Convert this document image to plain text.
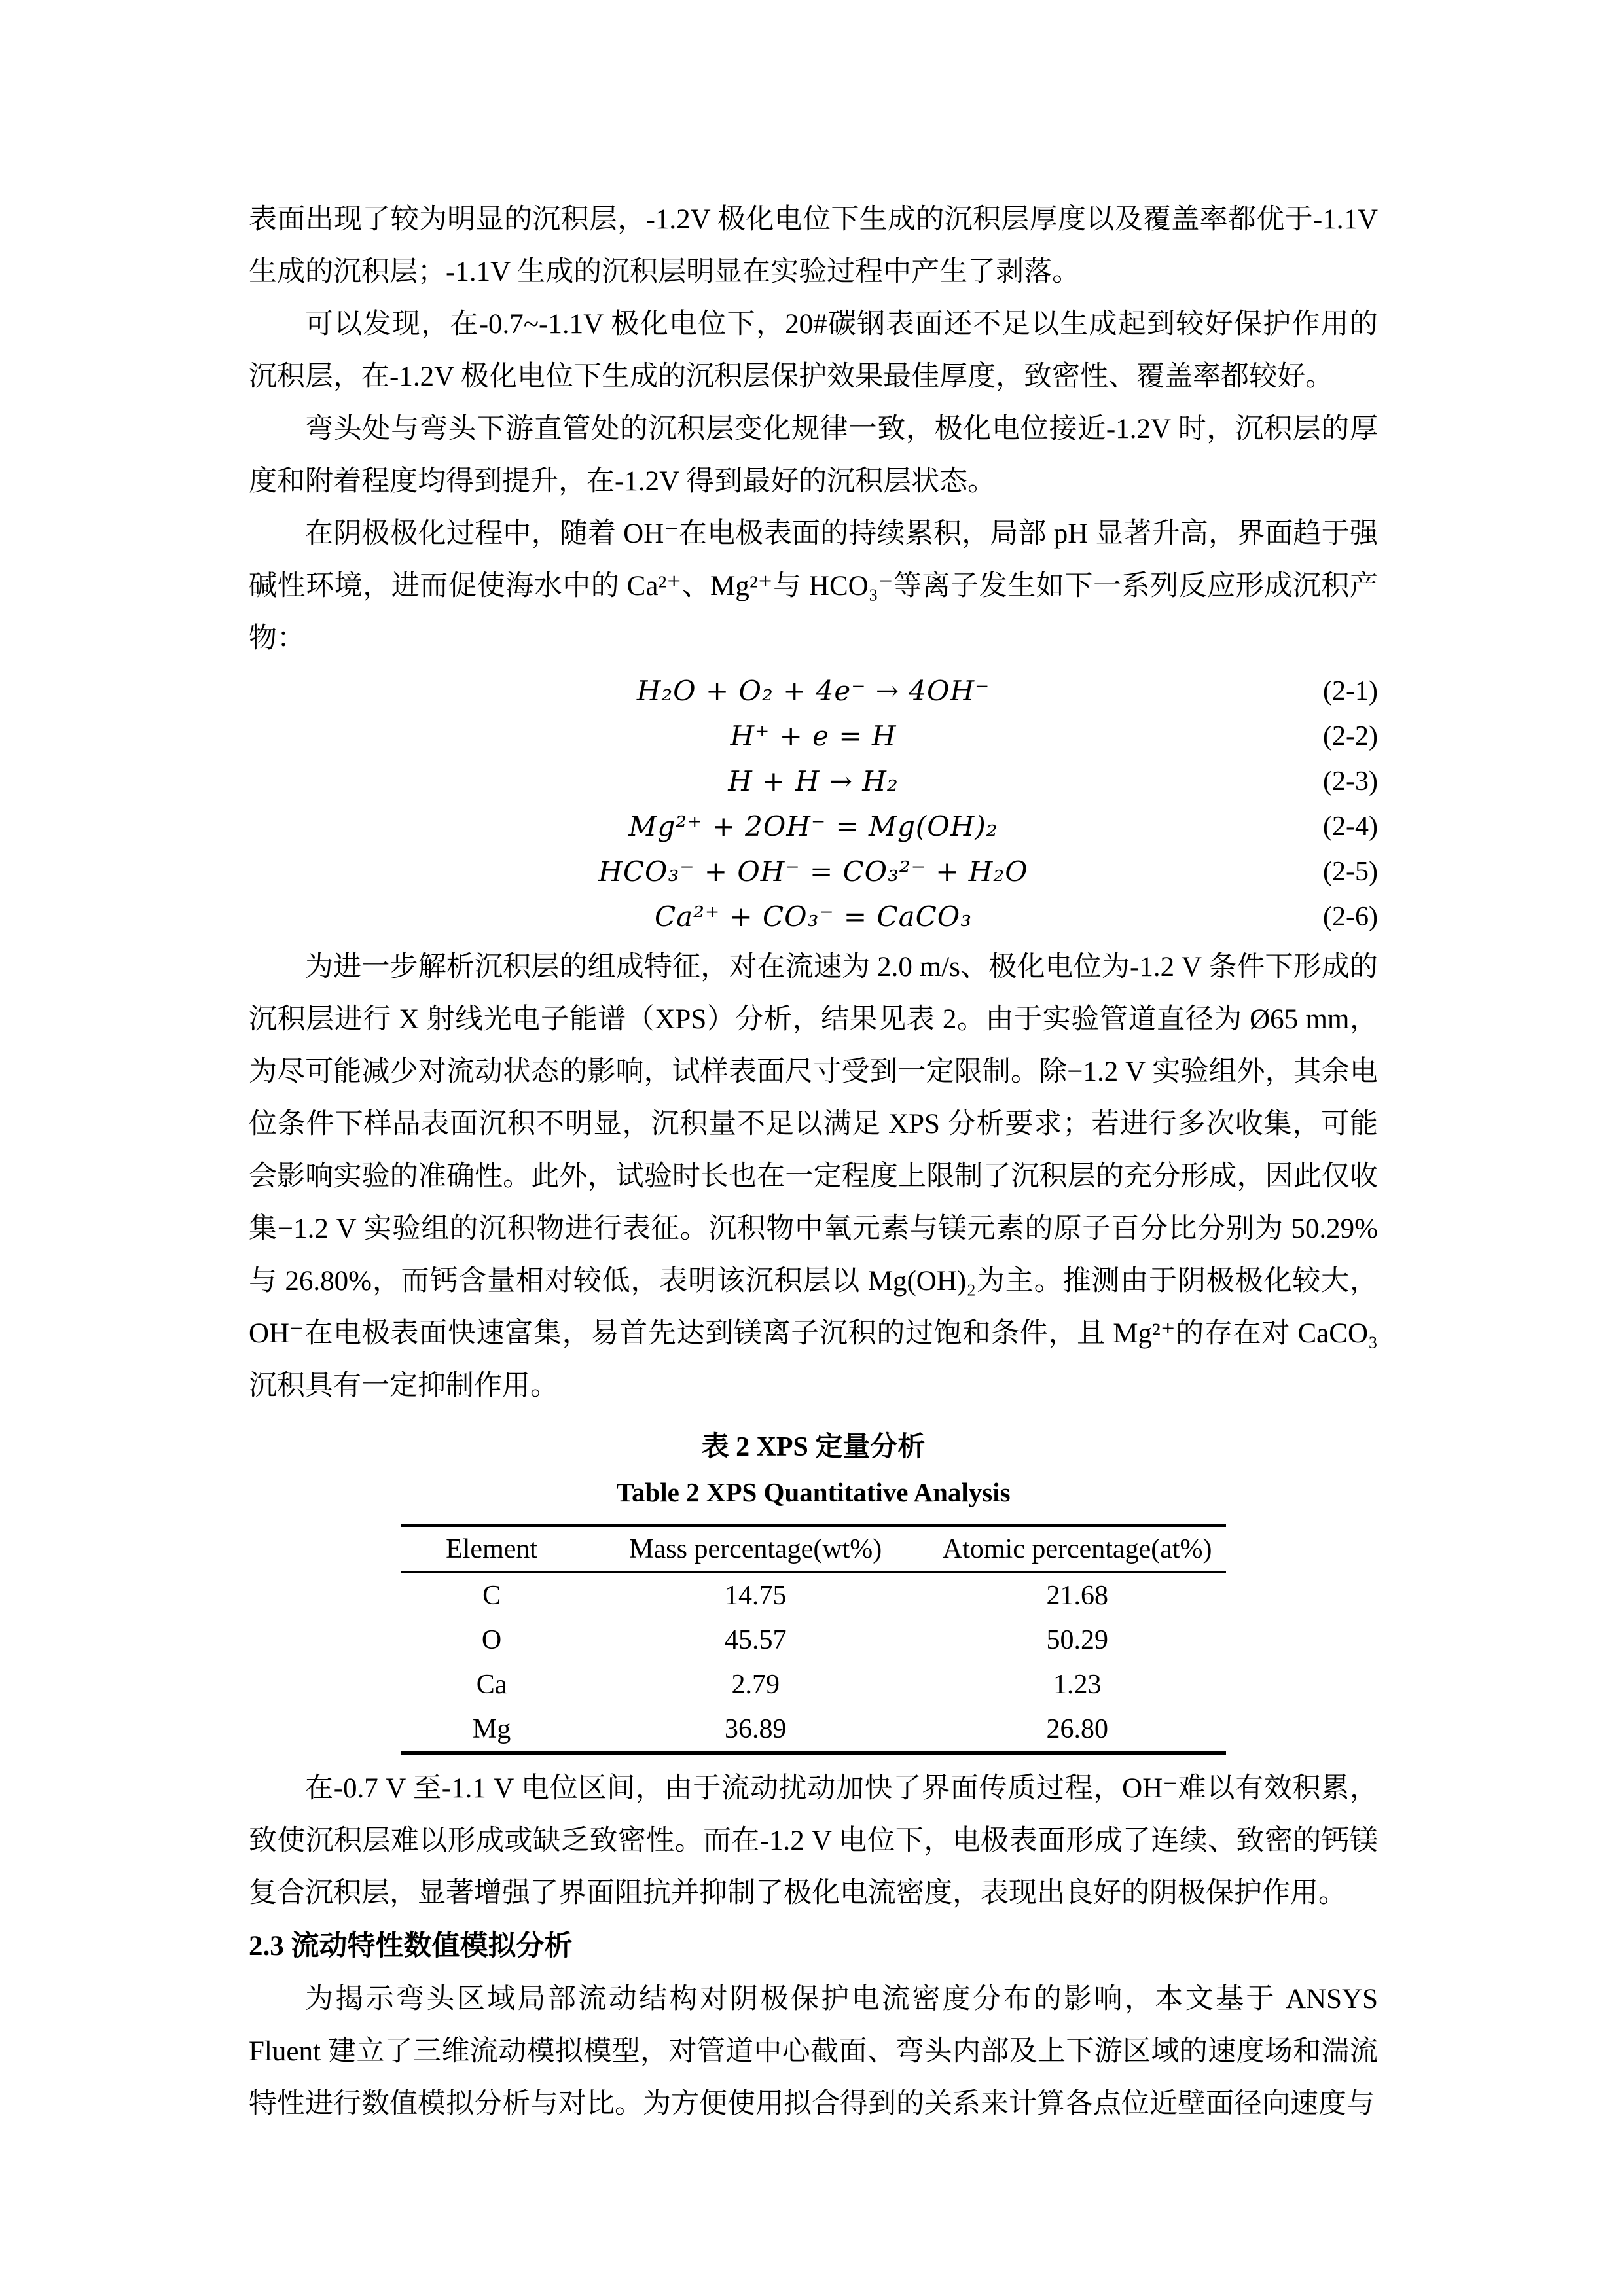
表面出现了较为明显的沉积层，-1.2V 极化电位下生成的沉积层厚度以及覆盖率都优于-1.1V 生成的沉积层；-1.1V 生成的沉积层明显在实验过程中产生了剥落。

可以发现，在-0.7~-1.1V 极化电位下，20#碳钢表面还不足以生成起到较好保护作用的沉积层，在-1.2V 极化电位下生成的沉积层保护效果最佳厚度，致密性、覆盖率都较好。

弯头处与弯头下游直管处的沉积层变化规律一致，极化电位接近-1.2V 时，沉积层的厚度和附着程度均得到提升，在-1.2V 得到最好的沉积层状态。

在阴极极化过程中，随着 OH⁻在电极表面的持续累积，局部 pH 显著升高，界面趋于强碱性环境，进而促使海水中的 Ca²⁺、Mg²⁺与 HCO₃⁻等离子发生如下一系列反应形成沉积产物：

H₂O + O₂ + 4e⁻ → 4OH⁻	(2-1)
H⁺ + e = H	(2-2)
H + H → H₂	(2-3)
Mg²⁺ + 2OH⁻ = Mg(OH)₂	(2-4)
HCO₃⁻ + OH⁻ = CO₃²⁻ + H₂O	(2-5)
Ca²⁺ + CO₃⁻ = CaCO₃	(2-6)

为进一步解析沉积层的组成特征，对在流速为 2.0 m/s、极化电位为-1.2 V 条件下形成的沉积层进行 X 射线光电子能谱（XPS）分析，结果见表 2。由于实验管道直径为 Ø65 mm，为尽可能减少对流动状态的影响，试样表面尺寸受到一定限制。除−1.2 V 实验组外，其余电位条件下样品表面沉积不明显，沉积量不足以满足 XPS 分析要求；若进行多次收集，可能会影响实验的准确性。此外，试验时长也在一定程度上限制了沉积层的充分形成，因此仅收集−1.2 V 实验组的沉积物进行表征。沉积物中氧元素与镁元素的原子百分比分别为 50.29%与 26.80%，而钙含量相对较低，表明该沉积层以 Mg(OH)₂为主。推测由于阴极极化较大，OH⁻在电极表面快速富集，易首先达到镁离子沉积的过饱和条件，且 Mg²⁺的存在对 CaCO₃沉积具有一定抑制作用。

表 2 XPS 定量分析
Table 2 XPS Quantitative Analysis
Element	Mass percentage(wt%)	Atomic percentage(at%)
C	14.75	21.68
O	45.57	50.29
Ca	2.79	1.23
Mg	36.89	26.80

在-0.7 V 至-1.1 V 电位区间，由于流动扰动加快了界面传质过程，OH⁻难以有效积累，致使沉积层难以形成或缺乏致密性。而在-1.2 V 电位下，电极表面形成了连续、致密的钙镁复合沉积层，显著增强了界面阻抗并抑制了极化电流密度，表现出良好的阴极保护作用。

2.3 流动特性数值模拟分析

为揭示弯头区域局部流动结构对阴极保护电流密度分布的影响，本文基于 ANSYS Fluent 建立了三维流动模拟模型，对管道中心截面、弯头内部及上下游区域的速度场和湍流特性进行数值模拟分析与对比。为方便使用拟合得到的关系来计算各点位近壁面径向速度与
